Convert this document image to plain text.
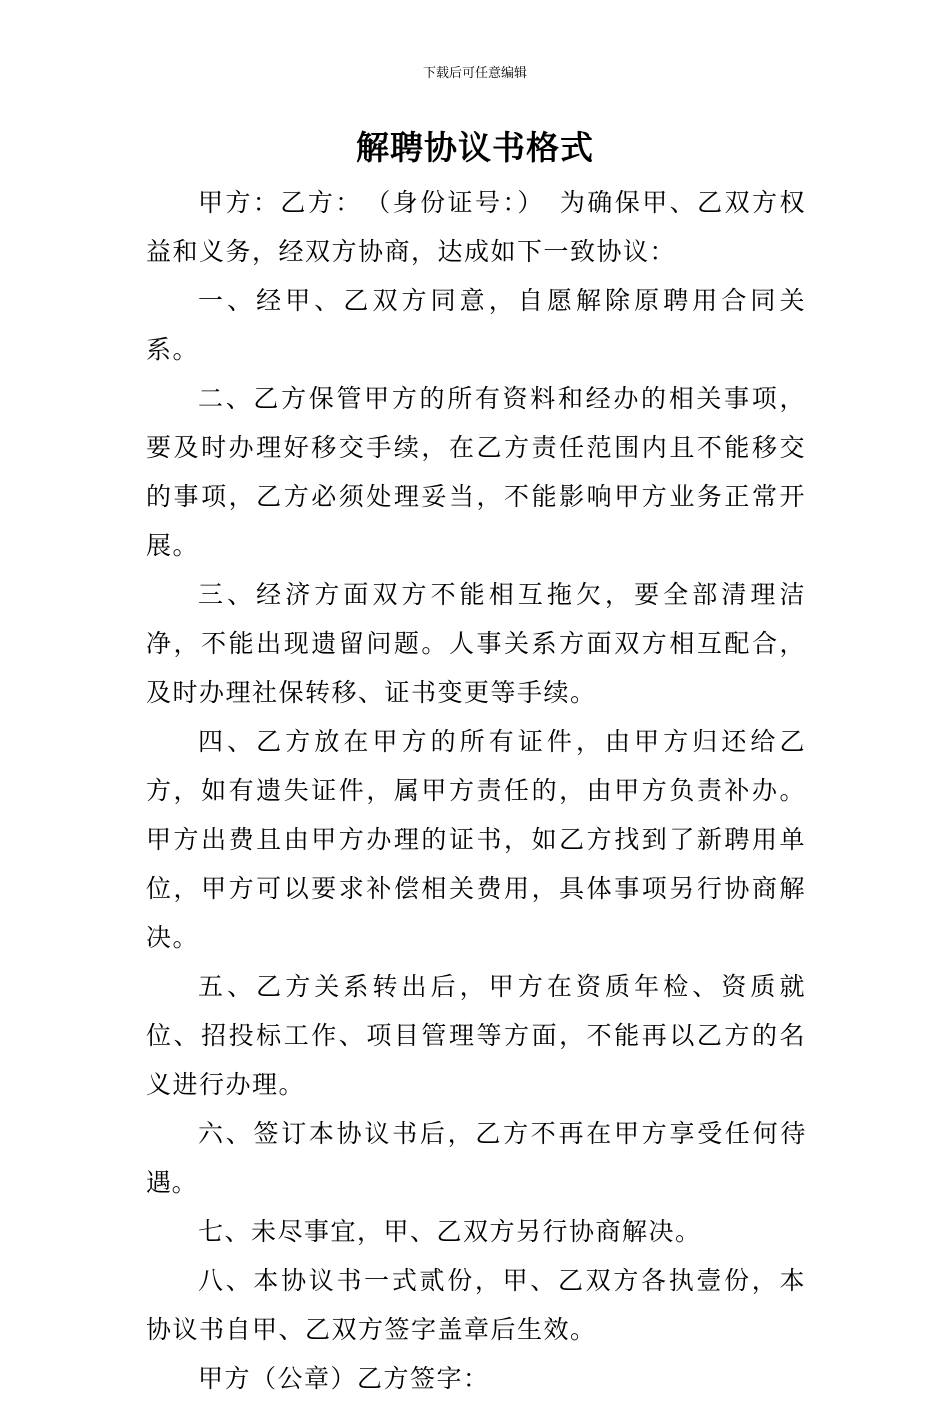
下载后可任意编辑
解聘协议书格式

甲方：乙方：　（身份证号：）　为确保甲、乙双方权益和义务，经双方协商，达成如下一致协议：

一、经甲、乙双方同意，自愿解除原聘用合同关系。

二、乙方保管甲方的所有资料和经办的相关事项，要及时办理好移交手续，在乙方责任范围内且不能移交的事项，乙方必须处理妥当，不能影响甲方业务正常开展。

三、经济方面双方不能相互拖欠，要全部清理洁净，不能出现遗留问题。人事关系方面双方相互配合，及时办理社保转移、证书变更等手续。

四、乙方放在甲方的所有证件，由甲方归还给乙方，如有遗失证件，属甲方责任的，由甲方负责补办。甲方出费且由甲方办理的证书，如乙方找到了新聘用单位，甲方可以要求补偿相关费用，具体事项另行协商解决。

五、乙方关系转出后，甲方在资质年检、资质就位、招投标工作、项目管理等方面，不能再以乙方的名义进行办理。

六、签订本协议书后，乙方不再在甲方享受任何待遇。

七、未尽事宜，甲、乙双方另行协商解决。

八、本协议书一式贰份，甲、乙双方各执壹份，本协议书自甲、乙双方签字盖章后生效。

甲方（公章）乙方签字：
